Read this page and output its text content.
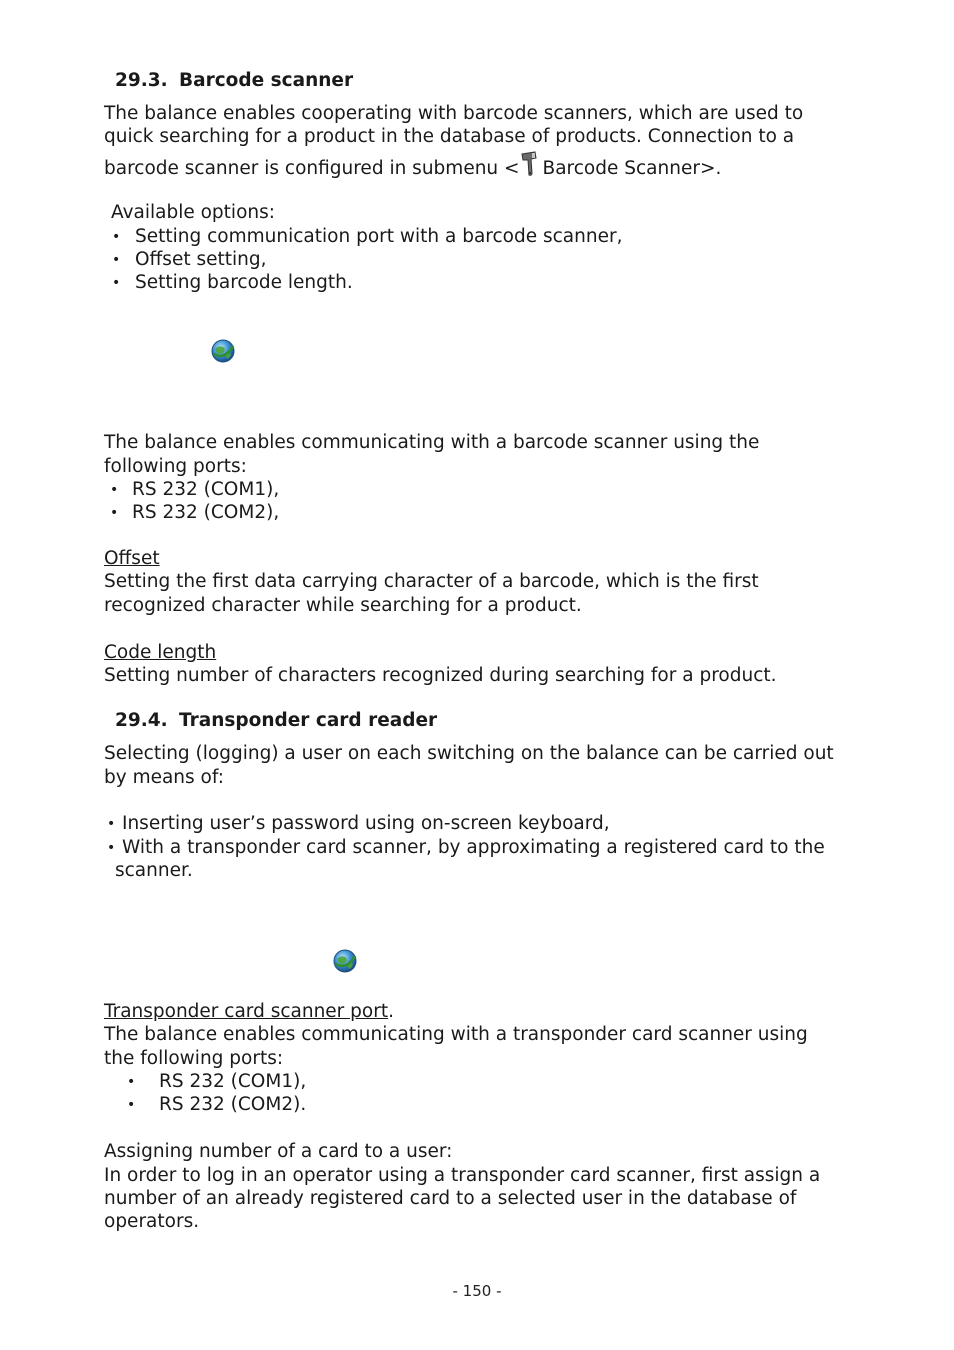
29.3. Barcode scanner
The balance enables cooperating with barcode scanners, which are used to
quick searching for a product in the database of products. Connection to a
barcode scanner is configured in submenu < Barcode Scanner>.
Available options:
• Setting communication port with a barcode scanner,
• Offset setting,
• Setting barcode length.
The balance enables communicating with a barcode scanner using the
following ports:
• RS 232 (COM1),
• RS 232 (COM2),
Offset
Setting the first data carrying character of a barcode, which is the first
recognized character while searching for a product.
Code length
Setting number of characters recognized during searching for a product.
29.4. Transponder card reader
Selecting (logging) a user on each switching on the balance can be carried out
by means of:
• Inserting user’s password using on-screen keyboard,
• With a transponder card scanner, by approximating a registered card to the
scanner.
Transponder card scanner port.
The balance enables communicating with a transponder card scanner using
the following ports:
• RS 232 (COM1),
• RS 232 (COM2).
Assigning number of a card to a user:
In order to log in an operator using a transponder card scanner, first assign a
number of an already registered card to a selected user in the database of
operators.
- 150 -
